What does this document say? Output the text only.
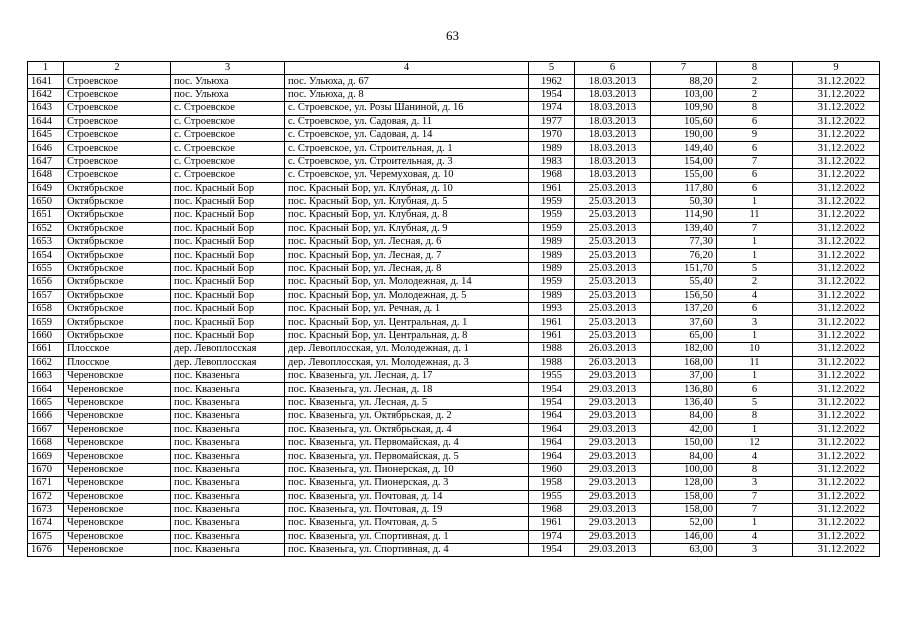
63
1	2	3	4	5	6	7	8	9
1641	Строевское	пос. Ульюха	пос. Ульюха, д. 67	1962	18.03.2013	88,20	2	31.12.2022
1642	Строевское	пос. Ульюха	пос. Ульюха, д. 8	1954	18.03.2013	103,00	2	31.12.2022
1643	Строевское	с. Строевское	с. Строевское, ул. Розы Шаниной, д. 16	1974	18.03.2013	109,90	8	31.12.2022
1644	Строевское	с. Строевское	с. Строевское, ул. Садовая, д. 11	1977	18.03.2013	105,60	6	31.12.2022
1645	Строевское	с. Строевское	с. Строевское, ул. Садовая, д. 14	1970	18.03.2013	190,00	9	31.12.2022
1646	Строевское	с. Строевское	с. Строевское, ул. Строительная, д. 1	1989	18.03.2013	149,40	6	31.12.2022
1647	Строевское	с. Строевское	с. Строевское, ул. Строительная, д. 3	1983	18.03.2013	154,00	7	31.12.2022
1648	Строевское	с. Строевское	с. Строевское, ул. Черемуховая, д. 10	1968	18.03.2013	155,00	6	31.12.2022
1649	Октябрьское	пос. Красный Бор	пос. Красный Бор, ул. Клубная, д. 10	1961	25.03.2013	117,80	6	31.12.2022
1650	Октябрьское	пос. Красный Бор	пос. Красный Бор, ул. Клубная, д. 5	1959	25.03.2013	50,30	1	31.12.2022
1651	Октябрьское	пос. Красный Бор	пос. Красный Бор, ул. Клубная, д. 8	1959	25.03.2013	114,90	11	31.12.2022
1652	Октябрьское	пос. Красный Бор	пос. Красный Бор, ул. Клубная, д. 9	1959	25.03.2013	139,40	7	31.12.2022
1653	Октябрьское	пос. Красный Бор	пос. Красный Бор, ул. Лесная, д. 6	1989	25.03.2013	77,30	1	31.12.2022
1654	Октябрьское	пос. Красный Бор	пос. Красный Бор, ул. Лесная, д. 7	1989	25.03.2013	76,20	1	31.12.2022
1655	Октябрьское	пос. Красный Бор	пос. Красный Бор, ул. Лесная, д. 8	1989	25.03.2013	151,70	5	31.12.2022
1656	Октябрьское	пос. Красный Бор	пос. Красный Бор, ул. Молодежная, д. 14	1959	25.03.2013	55,40	2	31.12.2022
1657	Октябрьское	пос. Красный Бор	пос. Красный Бор, ул. Молодежная, д. 5	1989	25.03.2013	156,50	4	31.12.2022
1658	Октябрьское	пос. Красный Бор	пос. Красный Бор, ул. Речная, д. 1	1993	25.03.2013	137,20	6	31.12.2022
1659	Октябрьское	пос. Красный Бор	пос. Красный Бор, ул. Центральная, д. 1	1961	25.03.2013	37,60	3	31.12.2022
1660	Октябрьское	пос. Красный Бор	пос. Красный Бор, ул. Центральная, д. 8	1961	25.03.2013	65,00	1	31.12.2022
1661	Плосское	дер. Левоплосская	дер. Левоплосская, ул. Молодежная, д. 1	1988	26.03.2013	182,00	10	31.12.2022
1662	Плосское	дер. Левоплосская	дер. Левоплосская, ул. Молодежная, д. 3	1988	26.03.2013	168,00	11	31.12.2022
1663	Череновское	пос. Квазеньга	пос. Квазеньга, ул. Лесная, д. 17	1955	29.03.2013	37,00	1	31.12.2022
1664	Череновское	пос. Квазеньга	пос. Квазеньга, ул. Лесная, д. 18	1954	29.03.2013	136,80	6	31.12.2022
1665	Череновское	пос. Квазеньга	пос. Квазеньга, ул. Лесная, д. 5	1954	29.03.2013	136,40	5	31.12.2022
1666	Череновское	пос. Квазеньга	пос. Квазеньга, ул. Октябрьская, д. 2	1964	29.03.2013	84,00	8	31.12.2022
1667	Череновское	пос. Квазеньга	пос. Квазеньга, ул. Октябрьская, д. 4	1964	29.03.2013	42,00	1	31.12.2022
1668	Череновское	пос. Квазеньга	пос. Квазеньга, ул. Первомайская, д. 4	1964	29.03.2013	150,00	12	31.12.2022
1669	Череновское	пос. Квазеньга	пос. Квазеньга, ул. Первомайская, д. 5	1964	29.03.2013	84,00	4	31.12.2022
1670	Череновское	пос. Квазеньга	пос. Квазеньга, ул. Пионерская, д. 10	1960	29.03.2013	100,00	8	31.12.2022
1671	Череновское	пос. Квазеньга	пос. Квазеньга, ул. Пионерская, д. 3	1958	29.03.2013	128,00	3	31.12.2022
1672	Череновское	пос. Квазеньга	пос. Квазеньга, ул. Почтовая, д. 14	1955	29.03.2013	158,00	7	31.12.2022
1673	Череновское	пос. Квазеньга	пос. Квазеньга, ул. Почтовая, д. 19	1968	29.03.2013	158,00	7	31.12.2022
1674	Череновское	пос. Квазеньга	пос. Квазеньга, ул. Почтовая, д. 5	1961	29.03.2013	52,00	1	31.12.2022
1675	Череновское	пос. Квазеньга	пос. Квазеньга, ул. Спортивная, д. 1	1974	29.03.2013	146,00	4	31.12.2022
1676	Череновское	пос. Квазеньга	пос. Квазеньга, ул. Спортивная, д. 4	1954	29.03.2013	63,00	3	31.12.2022
